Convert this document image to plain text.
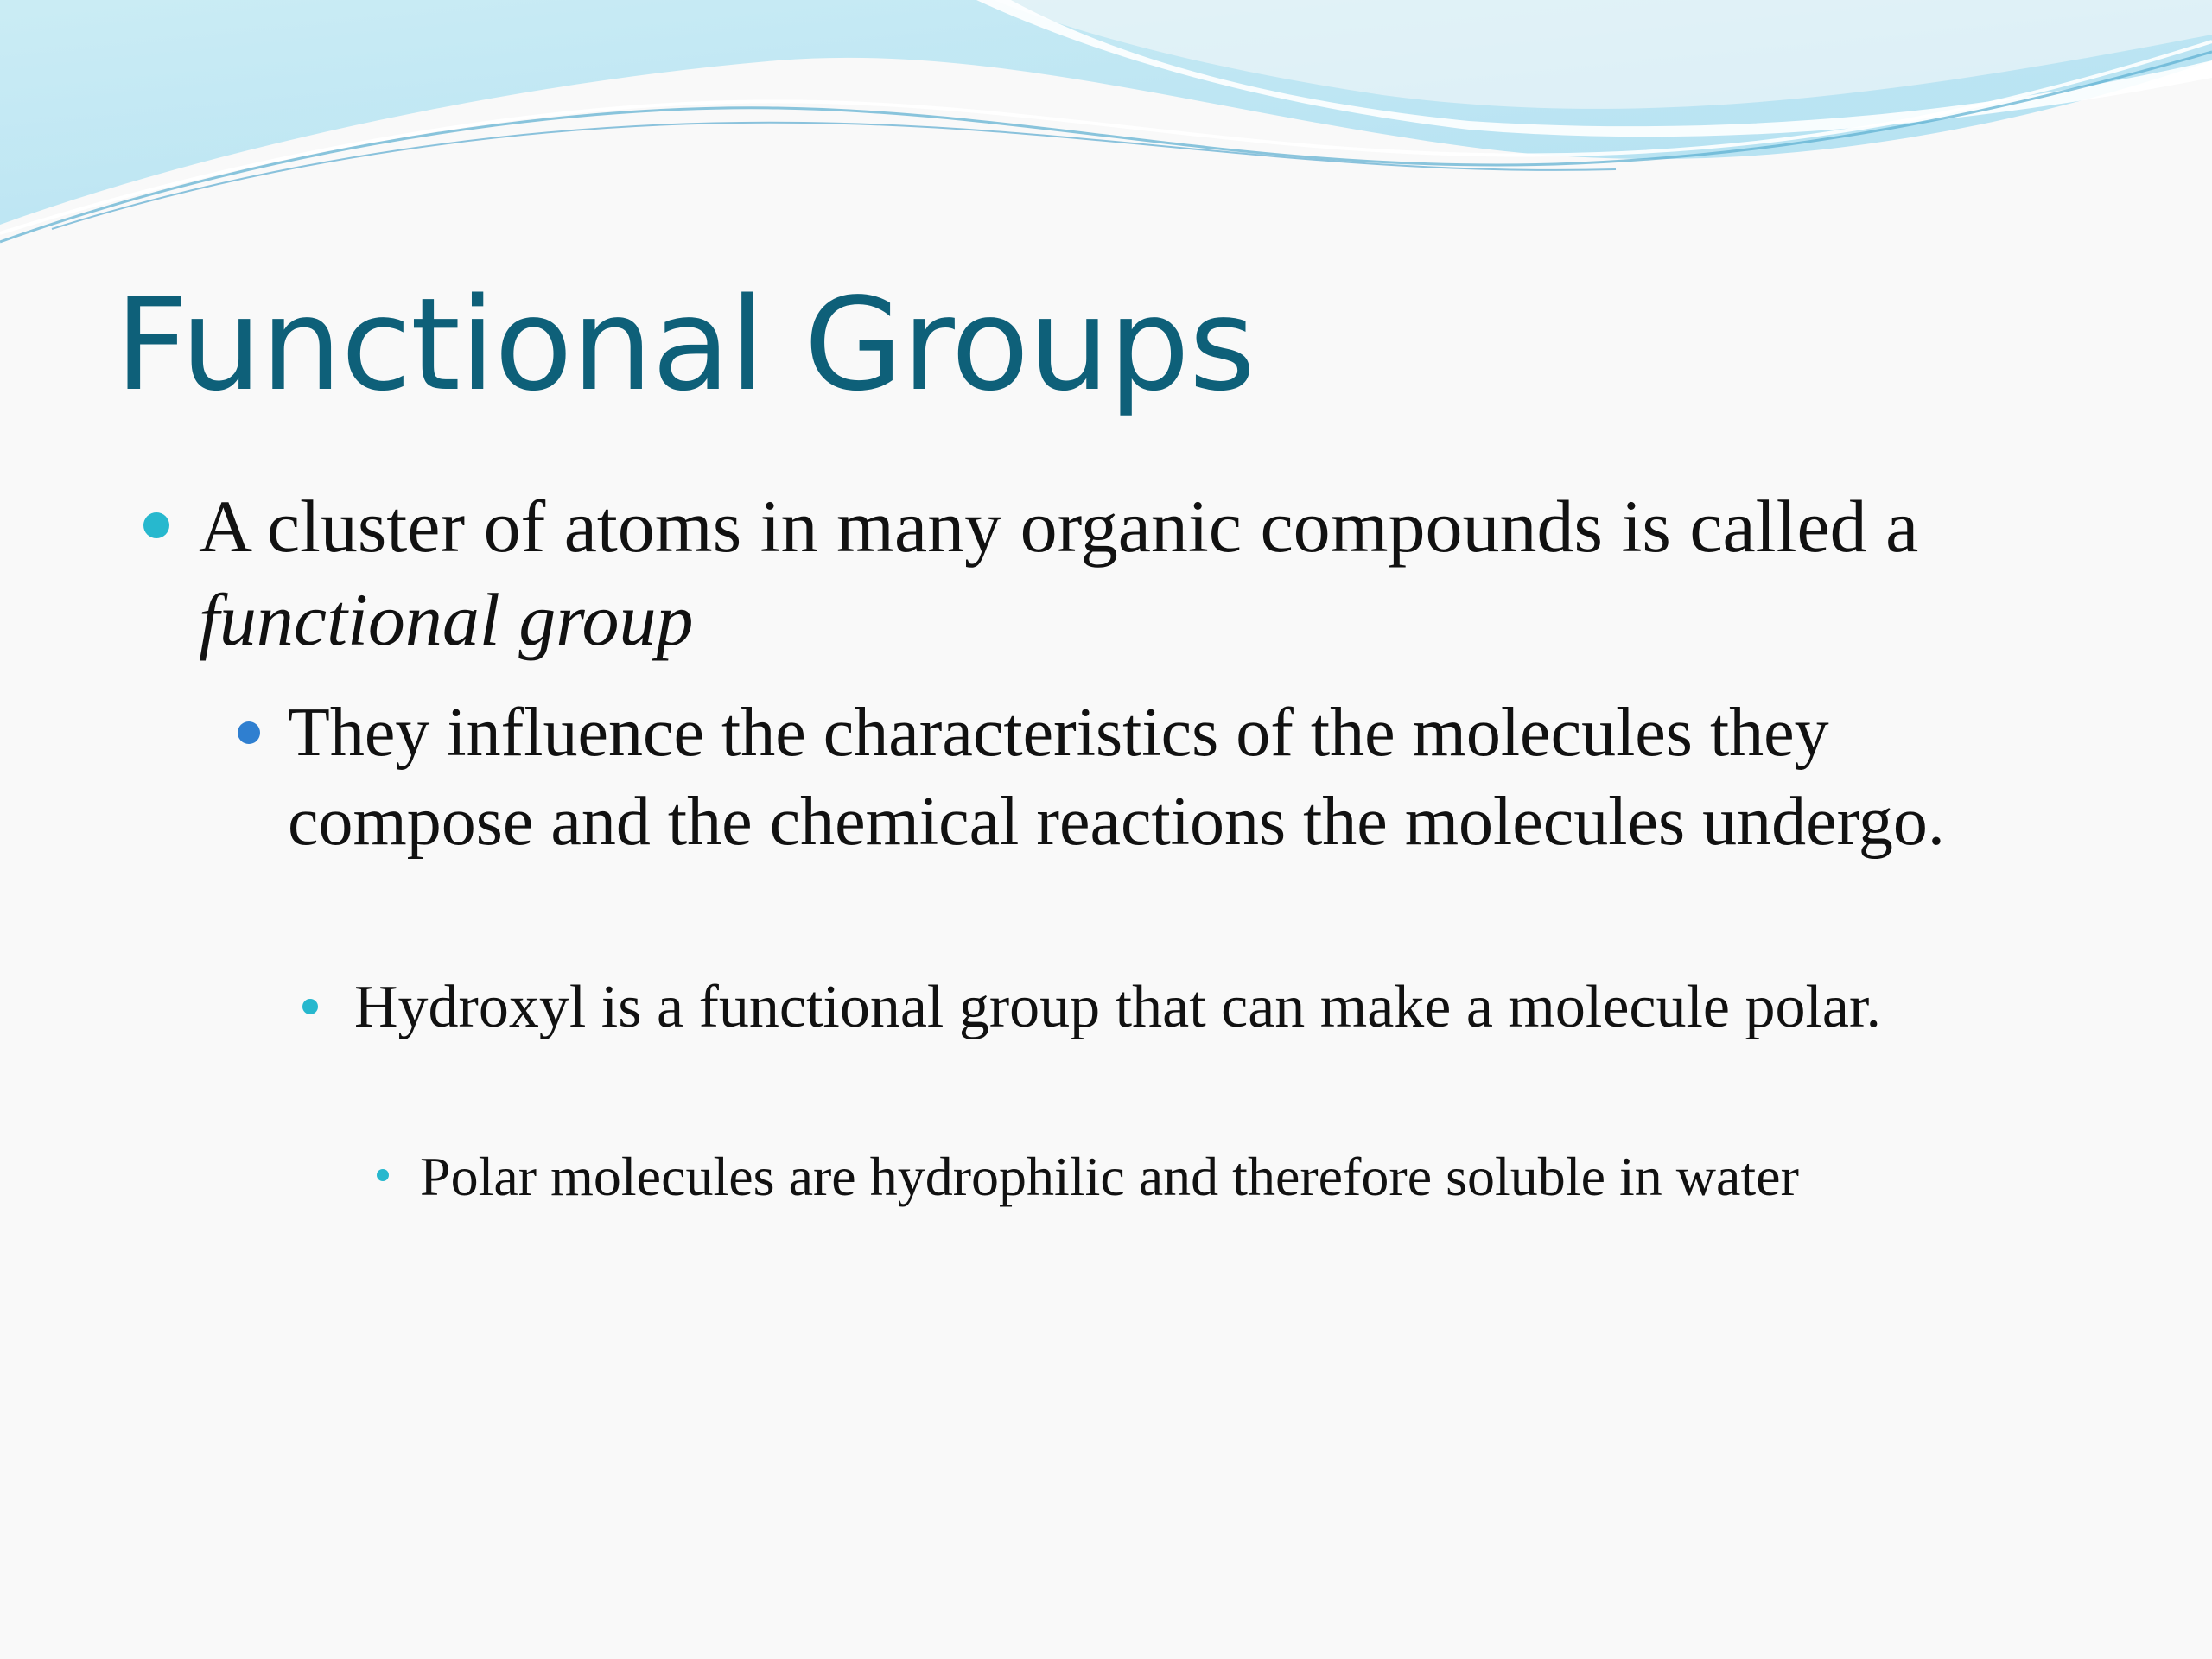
Functional Groups
A cluster of atoms in many organic compounds is called a functional group
They influence the characteristics of the molecules they compose and the chemical reactions the molecules undergo.
Hydroxyl is a functional group that can make a molecule polar.
Polar molecules are hydrophilic and therefore soluble in water
